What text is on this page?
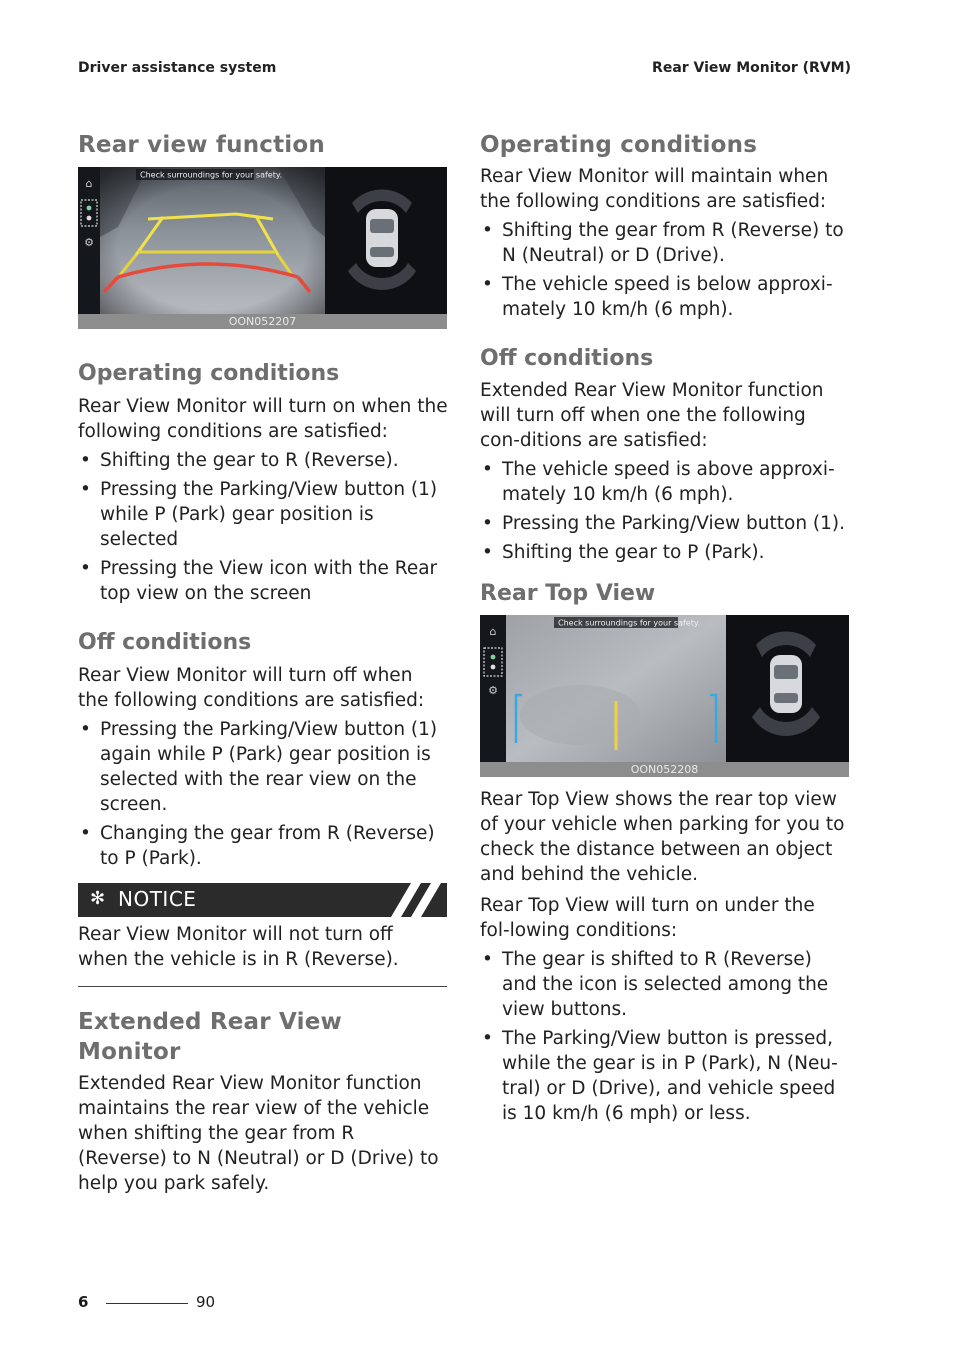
Driver assistance system	Rear View Monitor (RVM)
Rear view function
⌂
⚙
Check surroundings for your safety.
OON052207
Operating conditions

Rear View Monitor will turn on when the following conditions are satisfied:

• Shifting the gear to R (Reverse).
• Pressing the Parking/View button (1) while P (Park) gear position is selected
• Pressing the View icon with the Rear top view on the screen
Off conditions

Rear View Monitor will turn off when the following conditions are satisfied:

• Pressing the Parking/View button (1) again while P (Park) gear position is selected with the rear view on the screen.
• Changing the gear from R (Reverse) to P (Park).
✻ NOTICE

Rear View Monitor will not turn off when the vehicle is in R (Reverse).

Extended Rear View Monitor

Extended Rear View Monitor function maintains the rear view of the vehicle when shifting the gear from R (Reverse) to N (Neutral) or D (Drive) to help you park safely.

Operating conditions

Rear View Monitor will maintain when the following conditions are satisfied:

• Shifting the gear from R (Reverse) to N (Neutral) or D (Drive).
• The vehicle speed is below approxi-mately 10 km/h (6 mph).
Off conditions

Extended Rear View Monitor function will turn off when one the following con-ditions are satisfied:

• The vehicle speed is above approxi-mately 10 km/h (6 mph).
• Pressing the Parking/View button (1).
• Shifting the gear to P (Park).
Rear Top View
⌂
⚙
Check surroundings for your safety.
OON052208

Rear Top View shows the rear top view of your vehicle when parking for you to check the distance between an object and behind the vehicle.

Rear Top View will turn on under the fol-lowing conditions:

• The gear is shifted to R (Reverse) and the icon is selected among the view buttons.
• The Parking/View button is pressed, while the gear is in P (Park), N (Neu-tral) or D (Drive), and vehicle speed is 10 km/h (6 mph) or less.
6	90
